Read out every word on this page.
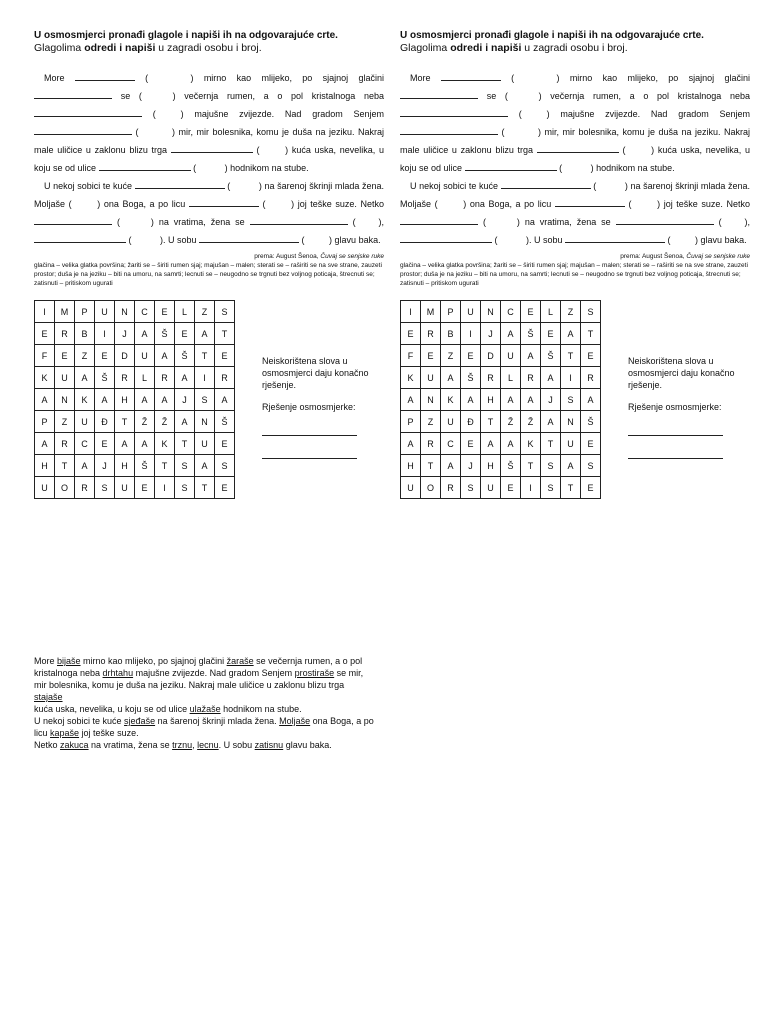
U osmosmjerci pronađi glagole i napiši ih na odgovarajuće crte.
Glagolima odredi i napiši u zagradi osobu i broj.
More	(	) mirno kao mlijeko, po sjajnoj glačini  se ( ) večernja rumen, a o pol kristalnoga neba  ( ) majušne zvijezde. Nad gradom Senjem  (	) mir, mir bolesnika, komu je duša na jeziku. Nakraj male uličice u zaklonu blizu trga	( ) kuća uska, nevelika, u koju se od ulice	(	) hodnikom na stube.
U nekoj sobici te kuće	(	) na šarenoj škrinji mlada žena. Moljaše ( ) ona Boga, a po licu	( ) joj teške suze. Netko  (	) na vratima, žena se	( ),  (	). U sobu	( ) glavu baka.
prema: August Šenoa, Čuvaj se senjske ruke
glačina – velika glatka površina; žariti se – širiti rumen sjaj; majušan – malen; sterati se – raširiti se na sve strane, zauzeti prostor; duša je na jeziku – biti na umoru, na samrti; lecnuti se – neugodno se trgnuti bez voljnog poticaja, štrecnuti se; zatisnuti – pritiskom ugurati
I	M	P	U	N	C	E	L	Z	S
E	R	B	I	J	A	Š	E	A	T
F	E	Z	E	D	U	A	Š	T	E
K	U	A	Š	R	L	R	A	I	R
A	N	K	A	H	A	A	J	S	A
P	Z	U	Đ	T	Ž	Ž	A	N	Š
A	R	C	E	A	A	K	T	U	E
H	T	A	J	H	Š	T	S	A	S
U	O	R	S	U	E	I	S	T	E
Neiskorištena slova u osmosmjerci daju konačno rješenje.
Rješenje osmosmjerke:
U osmosmjerci pronađi glagole i napiši ih na odgovarajuće crte.
Glagolima odredi i napiši u zagradi osobu i broj.
More	(	) mirno kao mlijeko, po sjajnoj glačini  se ( ) večernja rumen, a o pol kristalnoga neba  ( ) majušne zvijezde. Nad gradom Senjem  (	) mir, mir bolesnika, komu je duša na jeziku. Nakraj male uličice u zaklonu blizu trga	( ) kuća uska, nevelika, u koju se od ulice	(	) hodnikom na stube.
U nekoj sobici te kuće	(	) na šarenoj škrinji mlada žena. Moljaše ( ) ona Boga, a po licu	( ) joj teške suze. Netko  (	) na vratima, žena se	( ),  (	). U sobu	( ) glavu baka.
prema: August Šenoa, Čuvaj se senjske ruke
glačina – velika glatka površina; žariti se – širiti rumen sjaj; majušan – malen; sterati se – raširiti se na sve strane, zauzeti prostor; duša je na jeziku – biti na umoru, na samrti; lecnuti se – neugodno se trgnuti bez voljnog poticaja, štrecnuti se; zatisnuti – pritiskom ugurati
I	M	P	U	N	C	E	L	Z	S
E	R	B	I	J	A	Š	E	A	T
F	E	Z	E	D	U	A	Š	T	E
K	U	A	Š	R	L	R	A	I	R
A	N	K	A	H	A	A	J	S	A
P	Z	U	Đ	T	Ž	Ž	A	N	Š
A	R	C	E	A	A	K	T	U	E
H	T	A	J	H	Š	T	S	A	S
U	O	R	S	U	E	I	S	T	E
Neiskorištena slova u osmosmjerci daju konačno rješenje.
Rješenje osmosmjerke:
More bijaše mirno kao mlijeko, po sjajnoj glačini žaraše se večernja rumen, a o pol
kristalnoga neba drhtahu majušne zvijezde. Nad gradom Senjem prostiraše se mir,
mir bolesnika, komu je duša na jeziku. Nakraj male uličice u zaklonu blizu trga stajaše
kuća uska, nevelika, u koju se od ulice ulažaše hodnikom na stube.
U nekoj sobici te kuće sjeđaše na šarenoj škrinji mlada žena. Moljaše ona Boga, a po
licu kapaše joj teške suze.
Netko zakuca na vratima, žena se trznu, lecnu. U sobu zatisnu glavu baka.
